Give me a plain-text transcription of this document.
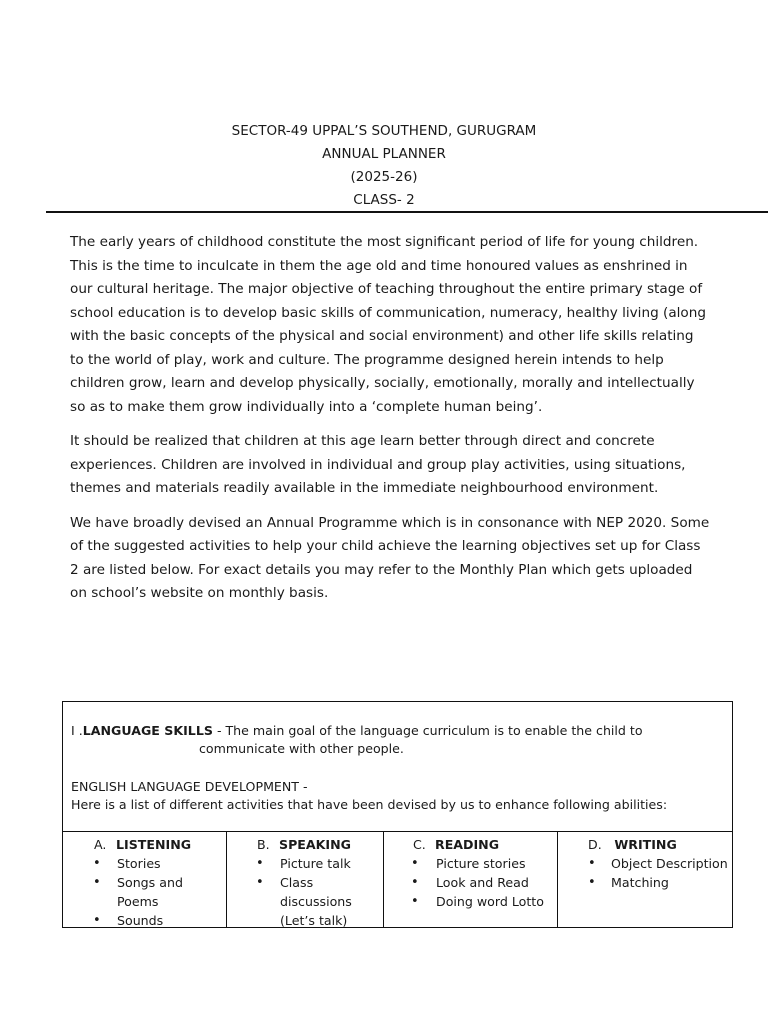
SECTOR-49 UPPAL’S SOUTHEND, GURUGRAM
ANNUAL PLANNER
(2025-26)
CLASS- 2

The early years of childhood constitute the most significant period of life for young children. This is the time to inculcate in them the age old and time honoured values as enshrined in our cultural heritage. The major objective of teaching throughout the entire primary stage of school education is to develop basic skills of communication, numeracy, healthy living (along with the basic concepts of the physical and social environment) and other life skills relating to the world of play, work and culture. The programme designed herein intends to help children grow, learn and develop physically, socially, emotionally, morally and intellectually so as to make them grow individually into a ‘complete human being’.

It should be realized that children at this age learn better through direct and concrete experiences. Children are involved in individual and group play activities, using situations, themes and materials readily available in the immediate neighbourhood environment.

We have broadly devised an Annual Programme which is in consonance with NEP 2020. Some of the suggested activities to help your child achieve the learning objectives set up for Class 2 are listed below. For exact details you may refer to the Monthly Plan which gets uploaded on school’s website on monthly basis.

I .LANGUAGE SKILLS - The main goal of the language curriculum is to enable the child to
communicate with other people.
ENGLISH LANGUAGE DEVELOPMENT -
Here is a list of different activities that have been devised by us to enhance following abilities:
A. LISTENING
• Stories
• Songs and Poems
• Sounds
B. SPEAKING
• Picture talk
• Class discussions (Let’s talk)
C. READING
• Picture stories
• Look and Read
• Doing word Lotto
D. WRITING
• Object Description
• Matching
